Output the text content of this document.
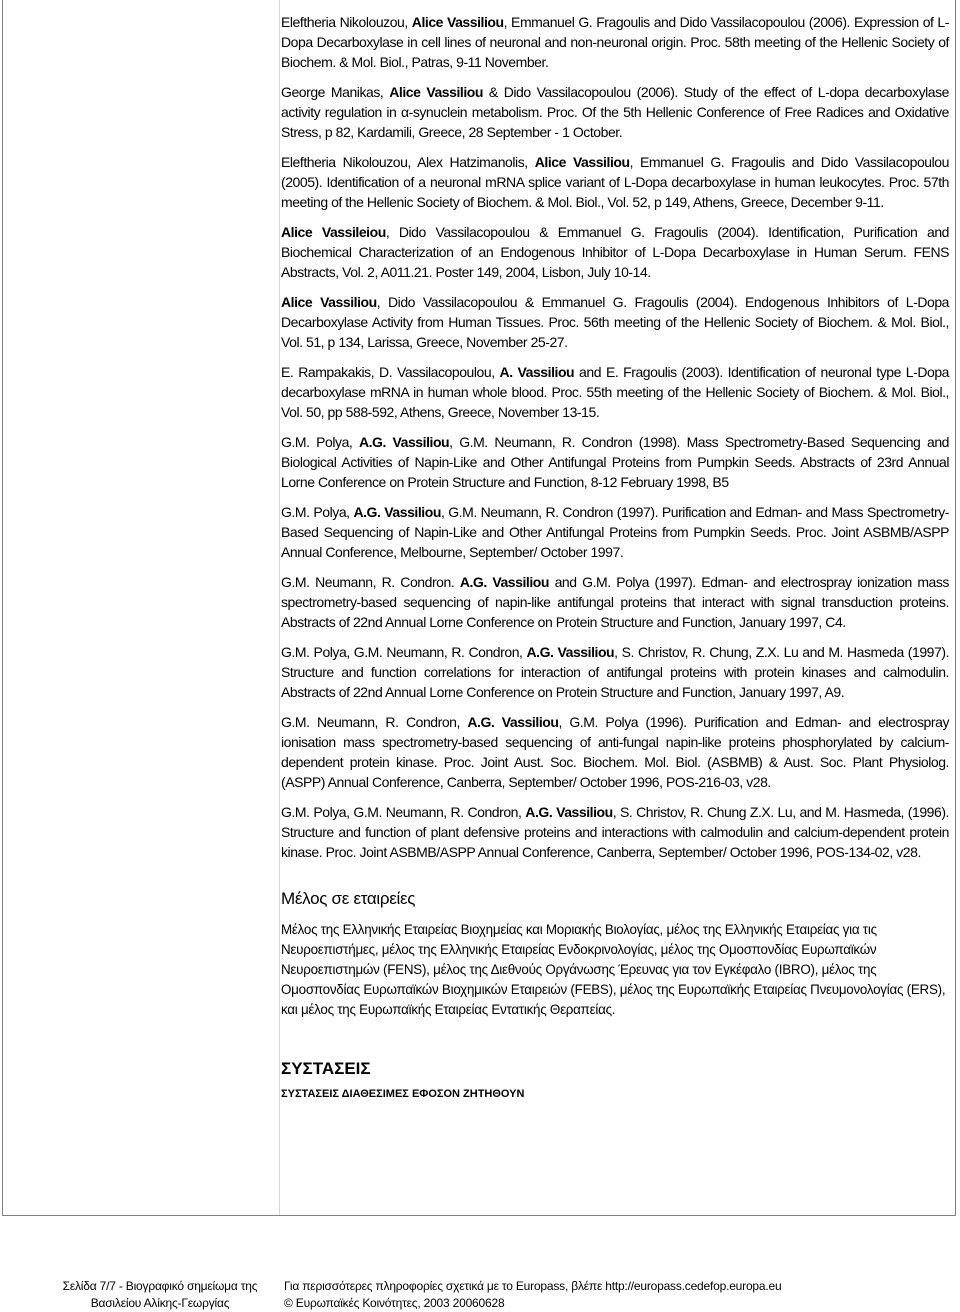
Eleftheria Nikolouzou, Alice Vassiliou, Emmanuel G. Fragoulis and Dido Vassilacopoulou (2006). Expression of L-Dopa Decarboxylase in cell lines of neuronal and non-neuronal origin. Proc. 58th meeting of the Hellenic Society of Biochem. & Mol. Biol., Patras, 9-11 November.

George Manikas, Alice Vassiliou & Dido Vassilacopoulou (2006). Study of the effect of L-dopa decarboxylase activity regulation in α-synuclein metabolism. Proc. Of the 5th Hellenic Conference of Free Radices and Oxidative Stress, p 82, Kardamili, Greece, 28 September - 1 October.

Eleftheria Nikolouzou, Alex Hatzimanolis, Alice Vassiliou, Emmanuel G. Fragoulis and Dido Vassilacopoulou (2005). Identification of a neuronal mRNA splice variant of L-Dopa decarboxylase in human leukocytes. Proc. 57th meeting of the Hellenic Society of Biochem. & Mol. Biol., Vol. 52, p 149, Athens, Greece, December 9-11.

Alice Vassileiou, Dido Vassilacopoulou & Emmanuel G. Fragoulis (2004). Identification, Purification and Biochemical Characterization of an Endogenous Inhibitor of L-Dopa Decarboxylase in Human Serum. FENS Abstracts, Vol. 2, A011.21. Poster 149, 2004, Lisbon, July 10-14.

Alice Vassiliou, Dido Vassilacopoulou & Emmanuel G. Fragoulis (2004). Endogenous Inhibitors of L-Dopa Decarboxylase Activity from Human Tissues. Proc. 56th meeting of the Hellenic Society of Biochem. & Mol. Biol., Vol. 51, p 134, Larissa, Greece, November 25-27.

E. Rampakakis, D. Vassilacopoulou, A. Vassiliou and E. Fragoulis (2003). Identification of neuronal type L-Dopa decarboxylase mRNA in human whole blood. Proc. 55th meeting of the Hellenic Society of Biochem. & Mol. Biol., Vol. 50, pp 588-592, Athens, Greece, November 13-15.

G.M. Polya, A.G. Vassiliou, G.M. Neumann, R. Condron (1998). Mass Spectrometry-Based Sequencing and Biological Activities of Napin-Like and Other Antifungal Proteins from Pumpkin Seeds. Abstracts of 23rd Annual Lorne Conference on Protein Structure and Function, 8-12 February 1998, B5

G.M. Polya, A.G. Vassiliou, G.M. Neumann, R. Condron (1997). Purification and Edman- and Mass Spectrometry-Based Sequencing of Napin-Like and Other Antifungal Proteins from Pumpkin Seeds. Proc. Joint ASBMB/ASPP Annual Conference, Melbourne, September/ October 1997.

G.M. Neumann, R. Condron. A.G. Vassiliou and G.M. Polya (1997). Edman- and electrospray ionization mass spectrometry-based sequencing of napin-like antifungal proteins that interact with signal transduction proteins. Abstracts of 22nd Annual Lorne Conference on Protein Structure and Function, January 1997, C4.

G.M. Polya, G.M. Neumann, R. Condron, A.G. Vassiliou, S. Christov, R. Chung, Z.X. Lu and M. Hasmeda (1997). Structure and function correlations for interaction of antifungal proteins with protein kinases and calmodulin. Abstracts of 22nd Annual Lorne Conference on Protein Structure and Function, January 1997, A9.

G.M. Neumann, R. Condron, A.G. Vassiliou, G.M. Polya (1996). Purification and Edman- and electrospray ionisation mass spectrometry-based sequencing of anti-fungal napin-like proteins phosphorylated by calcium-dependent protein kinase. Proc. Joint Aust. Soc. Biochem. Mol. Biol. (ASBMB) & Aust. Soc. Plant Physiolog. (ASPP) Annual Conference, Canberra, September/ October 1996, POS-216-03, v28.

G.M. Polya, G.M. Neumann, R. Condron, A.G. Vassiliou, S. Christov, R. Chung Z.X. Lu, and M. Hasmeda, (1996). Structure and function of plant defensive proteins and interactions with calmodulin and calcium-dependent protein kinase. Proc. Joint ASBMB/ASPP Annual Conference, Canberra, September/ October 1996, POS-134-02, v28.

Μέλος σε εταιρείες

Μέλος της Ελληνικής Εταιρείας Βιοχημείας και Μοριακής Βιολογίας, μέλος της Ελληνικής Εταιρείας για τις Νευροεπιστήμες, μέλος της Ελληνικής Εταιρείας Ενδοκρινολογίας, μέλος της Ομοσπονδίας Ευρωπαϊκών Νευροεπιστημών (FENS), μέλος της Διεθνούς Οργάνωσης Έρευνας για τον Εγκέφαλο (IBRO), μέλος της Ομοσπονδίας Ευρωπαϊκών Βιοχημικών Εταιρειών (FEBS), μέλος της Ευρωπαϊκής Εταιρείας Πνευμονολογίας (ERS), και μέλος της Ευρωπαϊκής Εταιρείας Εντατικής Θεραπείας.

ΣΥΣΤΑΣΕΙΣ

ΣΥΣΤΑΣΕΙΣ ΔΙΑΘΕΣΙΜΕΣ ΕΦΟΣΟΝ ΖΗΤΗΘΟΥΝ

Σελίδα 7/7 - Βιογραφικό σημείωμα της
Βασιλείου Αλίκης-Γεωργίας
Για περισσότερες πληροφορίες σχετικά με το Europass, βλέπε http://europass.cedefop.europa.eu
© Ευρωπαϊκές Κοινότητες, 2003 20060628
